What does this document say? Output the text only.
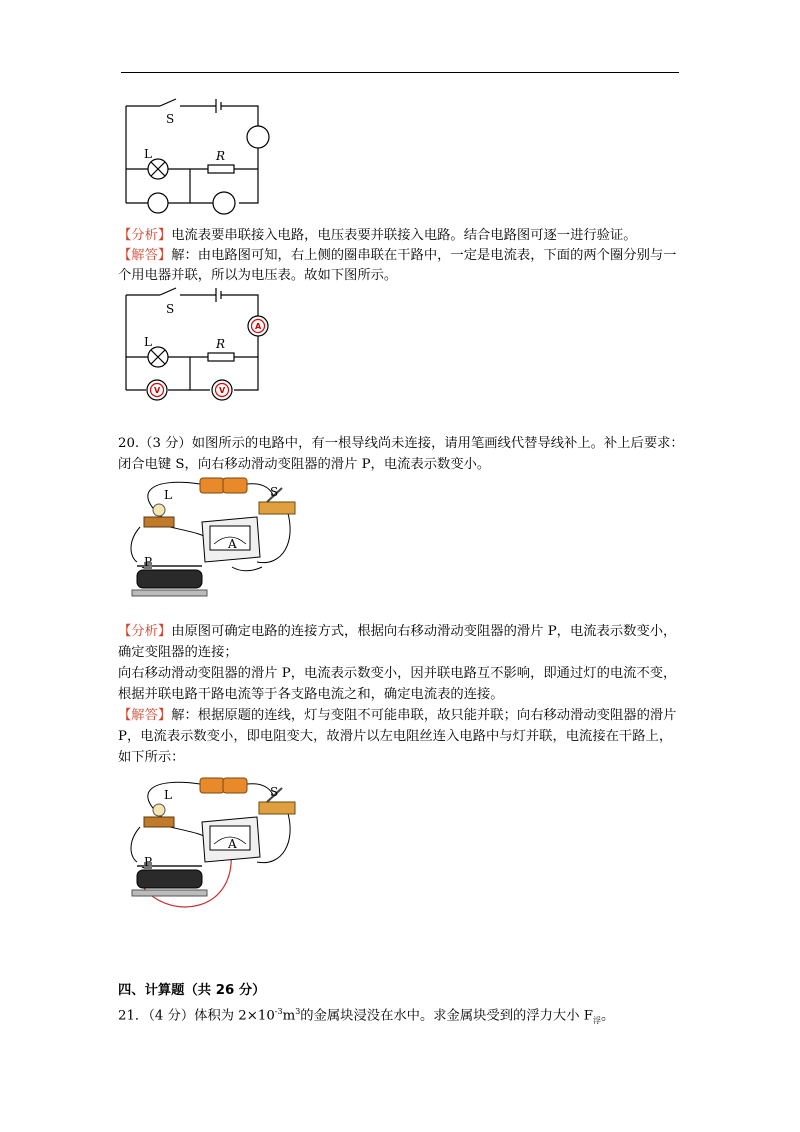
S
L	R
【分析】电流表要串联接入电路，电压表要并联接入电路。结合电路图可逐一进行验证。
【解答】解：由电路图可知，右上侧的圈串联在干路中，一定是电流表，下面的两个圈分别与一
个用电器并联，所以为电压表。故如下图所示。
A
V	V
S
L	R
20.（3 分）如图所示的电路中，有一根导线尚未连接，请用笔画线代替导线补上。补上后要求：
闭合电键 S，向右移动滑动变阻器的滑片 P，电流表示数变小。
L	S
P
A
【分析】由原图可确定电路的连接方式，根据向右移动滑动变阻器的滑片 P，电流表示数变小，
确定变阻器的连接；
向右移动滑动变阻器的滑片 P，电流表示数变小，因并联电路互不影响，即通过灯的电流不变，
根据并联电路干路电流等于各支路电流之和，确定电流表的连接。
【解答】解：根据原题的连线，灯与变阻不可能串联，故只能并联；向右移动滑动变阻器的滑片
P，电流表示数变小，即电阻变大，故滑片以左电阻丝连入电路中与灯并联，电流接在干路上，
如下所示：
L	S
P
A
四、计算题（共 26 分）
21．（4 分）体积为 $2\times 10^{-3}m^3$的金属块浸没在水中。求金属块受到的浮力大小 $F_浮$。
